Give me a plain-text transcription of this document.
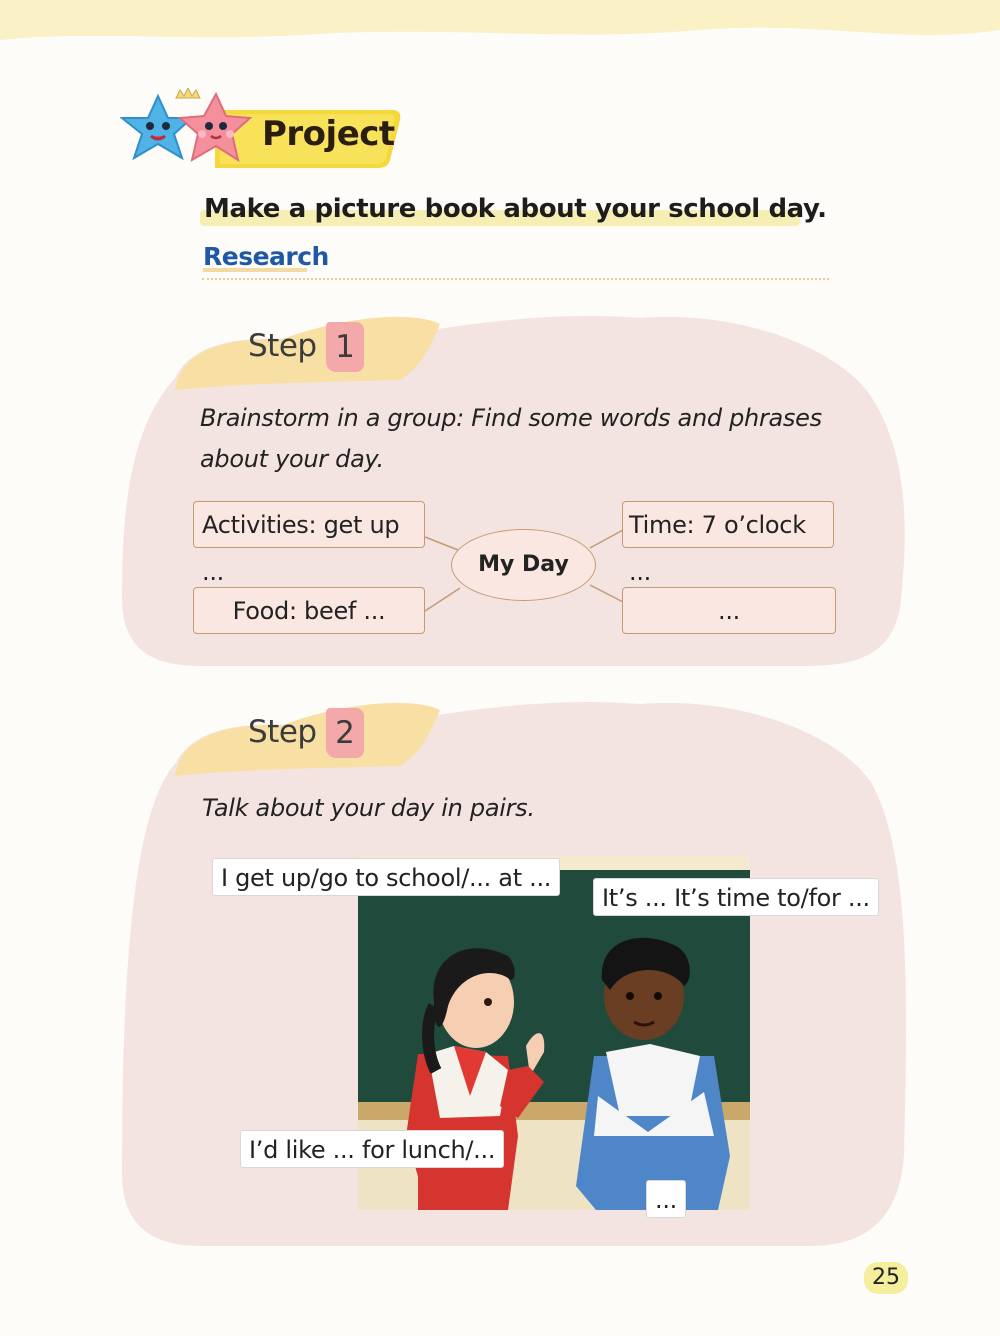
Project
Make a picture book about your school day.
Research
Step 1
Brainstorm in a group: Find some words and phrases
about your day.
Activities: get up ...
Food: beef ...
Time: 7 o’clock ...
...
My Day
Step 2
Talk about your day in pairs.
I get up/go to school/... at ...
It’s ... It’s time to/for ...
I’d like ... for lunch/...
...
25
